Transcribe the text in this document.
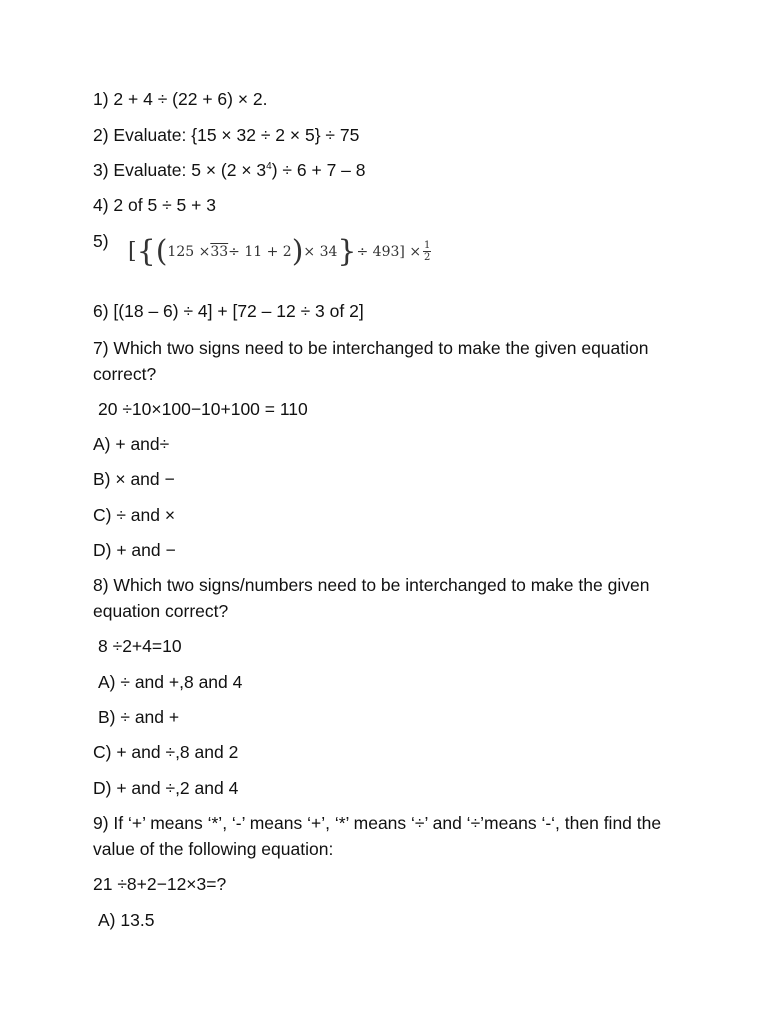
1) 2 + 4 ÷ (22 + 6) × 2.
2) Evaluate: {15 × 32 ÷ 2 × 5} ÷ 75
3) Evaluate: $5 \times (2 \times 3^4) \div 6 + 7 - 8$
4) 2 of 5 ÷ 5 + 3
5) $[\{(125 \times 33\div 11 + 2)\times 34\}\div 493] \times \frac{1}{2}$
6) [(18 – 6) ÷ 4] + [72 – 12 ÷ 3 of 2]
7) Which two signs need to be interchanged to make the given equation correct?
20 ÷10×100−10+100 = 110
A) + and÷
B) × and −
C) ÷ and ×
D) + and −
8) Which two signs/numbers need to be interchanged to make the given equation correct?
8 ÷2+4=10
A) ÷ and +,8 and 4
B) ÷ and +
C) + and ÷,8 and 2
D) + and ÷,2 and 4
9) If ‘+’ means ‘*’, ‘-’ means ‘+’, ‘*’ means ‘÷’ and ‘÷’means ‘-‘, then find the value of the following equation:
21 ÷8+2−12×3=?
A) 13.5
